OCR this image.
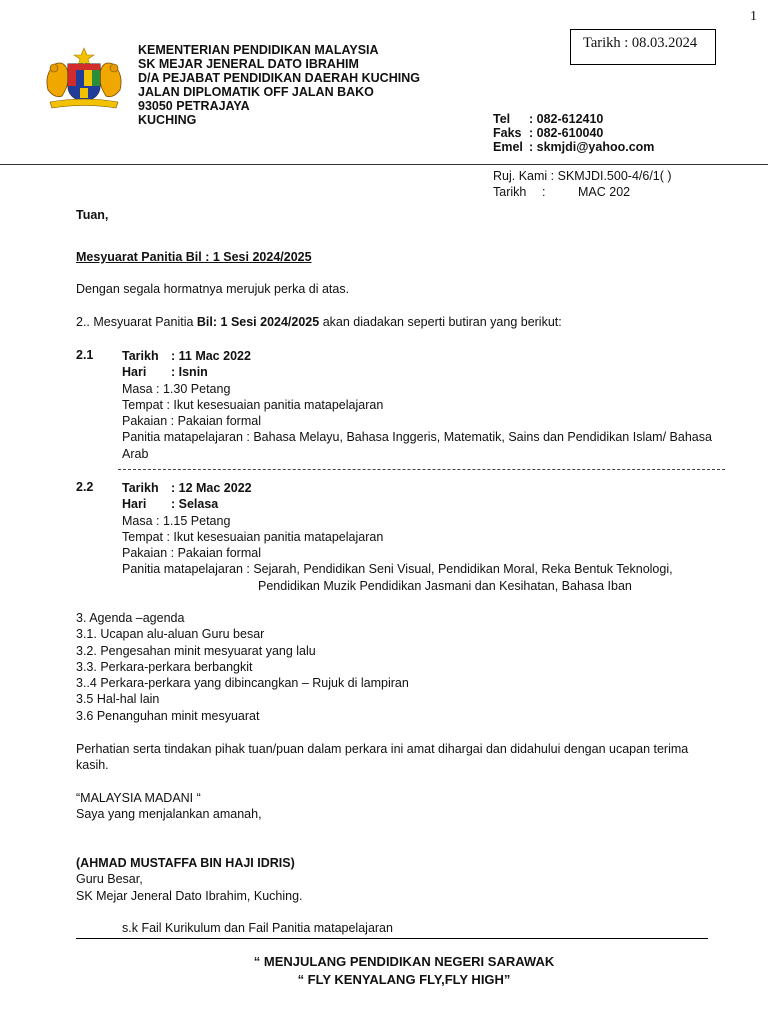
1
Tarikh : 08.03.2024
KEMENTERIAN PENDIDIKAN MALAYSIA
SK MEJAR JENERAL DATO IBRAHIM
D/A PEJABAT PENDIDIKAN DAERAH KUCHING
JALAN DIPLOMATIK OFF JALAN BAKO
93050 PETRAJAYA
KUCHING	Tel : 082-612410
Faks : 082-610040
Emel : skmjdi@yahoo.com
Ruj. Kami : SKMJDI.500-4/6/1( )
Tarikh :	MAC 202
Tuan,
Mesyuarat Panitia Bil : 1 Sesi 2024/2025
Dengan segala hormatnya merujuk perka di atas.
2.. Mesyuarat Panitia Bil: 1 Sesi 2024/2025 akan diadakan seperti butiran yang berikut:
2.1 Tarikh : 11 Mac 2022
Hari : Isnin
Masa : 1.30 Petang
Tempat : Ikut kesesuaian panitia matapelajaran
Pakaian : Pakaian formal
Panitia matapelajaran : Bahasa Melayu, Bahasa Inggeris, Matematik, Sains dan Pendidikan Islam/ Bahasa
Arab
2.2 Tarikh : 12 Mac 2022
Hari : Selasa
Masa : 1.15 Petang
Tempat : Ikut kesesuaian panitia matapelajaran
Pakaian : Pakaian formal
Panitia matapelajaran : Sejarah, Pendidikan Seni Visual, Pendidikan Moral, Reka Bentuk Teknologi,
Pendidikan Muzik Pendidikan Jasmani dan Kesihatan, Bahasa Iban
3. Agenda –agenda
3.1. Ucapan alu-aluan Guru besar
3.2. Pengesahan minit mesyuarat yang lalu
3.3. Perkara-perkara berbangkit
3..4 Perkara-perkara yang dibincangkan – Rujuk di lampiran
3.5 Hal-hal lain
3.6 Penanguhan minit mesyuarat
Perhatian serta tindakan pihak tuan/puan dalam perkara ini amat dihargai dan didahului dengan ucapan terima
kasih.
“MALAYSIA MADANI “
Saya yang menjalankan amanah,
(AHMAD MUSTAFFA BIN HAJI IDRIS)
Guru Besar,
SK Mejar Jeneral Dato Ibrahim, Kuching.
s.k Fail Kurikulum dan Fail Panitia matapelajaran
“ MENJULANG PENDIDIKAN NEGERI SARAWAK
“ FLY KENYALANG FLY,FLY HIGH”
